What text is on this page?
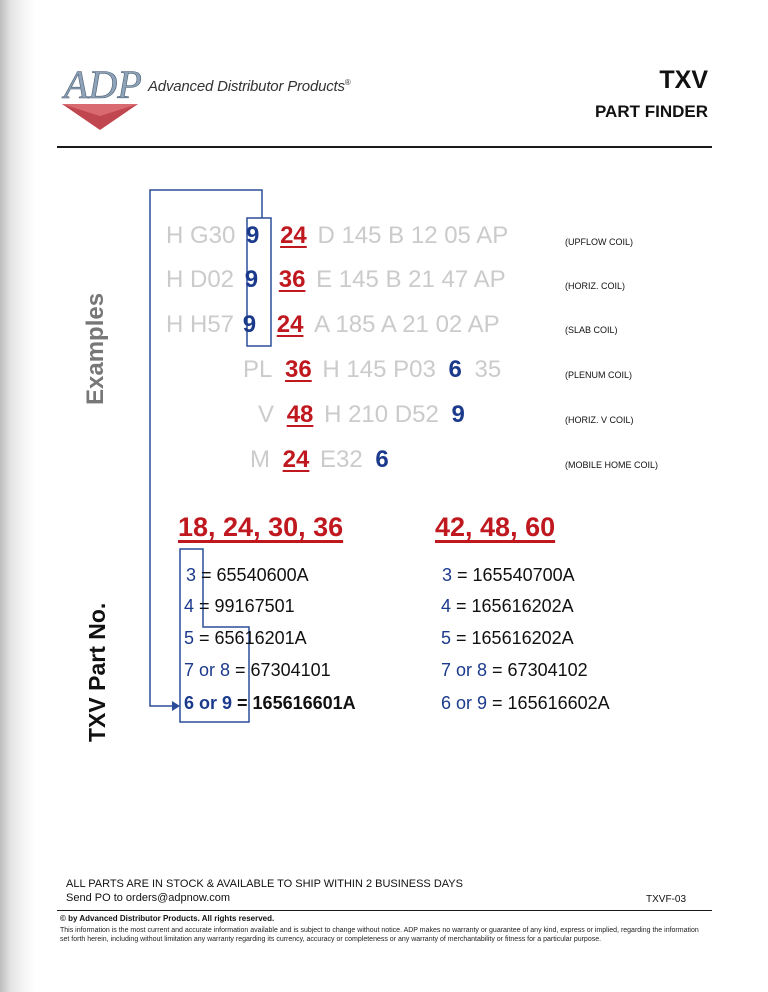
ADP Advanced Distributor Products®	TXV
PART FINDER
Examples
TXV Part No.
H G30 9 24 D 145 B 12 05 AP	(UPFLOW COIL)
H D02 9 36 E 145 B 21 47 AP	(HORIZ. COIL)
H H57 9 24 A 185 A 21 02 AP	(SLAB COIL)
PL 36 H 145 P03 6 35	(PLENUM COIL)
V 48 H 210 D52 9	(HORIZ. V COIL)
M 24 E32 6	(MOBILE HOME COIL)
18, 24, 30, 36	42, 48, 60
3 = 65540600A
4 = 99167501
5 = 65616201A
7 or 8 = 67304101
6 or 9 = 165616601A
3 = 165540700A
4 = 165616202A
5 = 165616202A
7 or 8 = 67304102
6 or 9 = 165616602A
ALL PARTS ARE IN STOCK & AVAILABLE TO SHIP WITHIN 2 BUSINESS DAYS
Send PO to orders@adpnow.com	TXVF-03
© by Advanced Distributor Products. All rights reserved.
This information is the most current and accurate information available and is subject to change without notice. ADP makes no warranty or guarantee of any kind, express or implied, regarding the information set forth herein, including without limitation any warranty regarding its currency, accuracy or completeness or any warranty of merchantability or fitness for a particular purpose.
